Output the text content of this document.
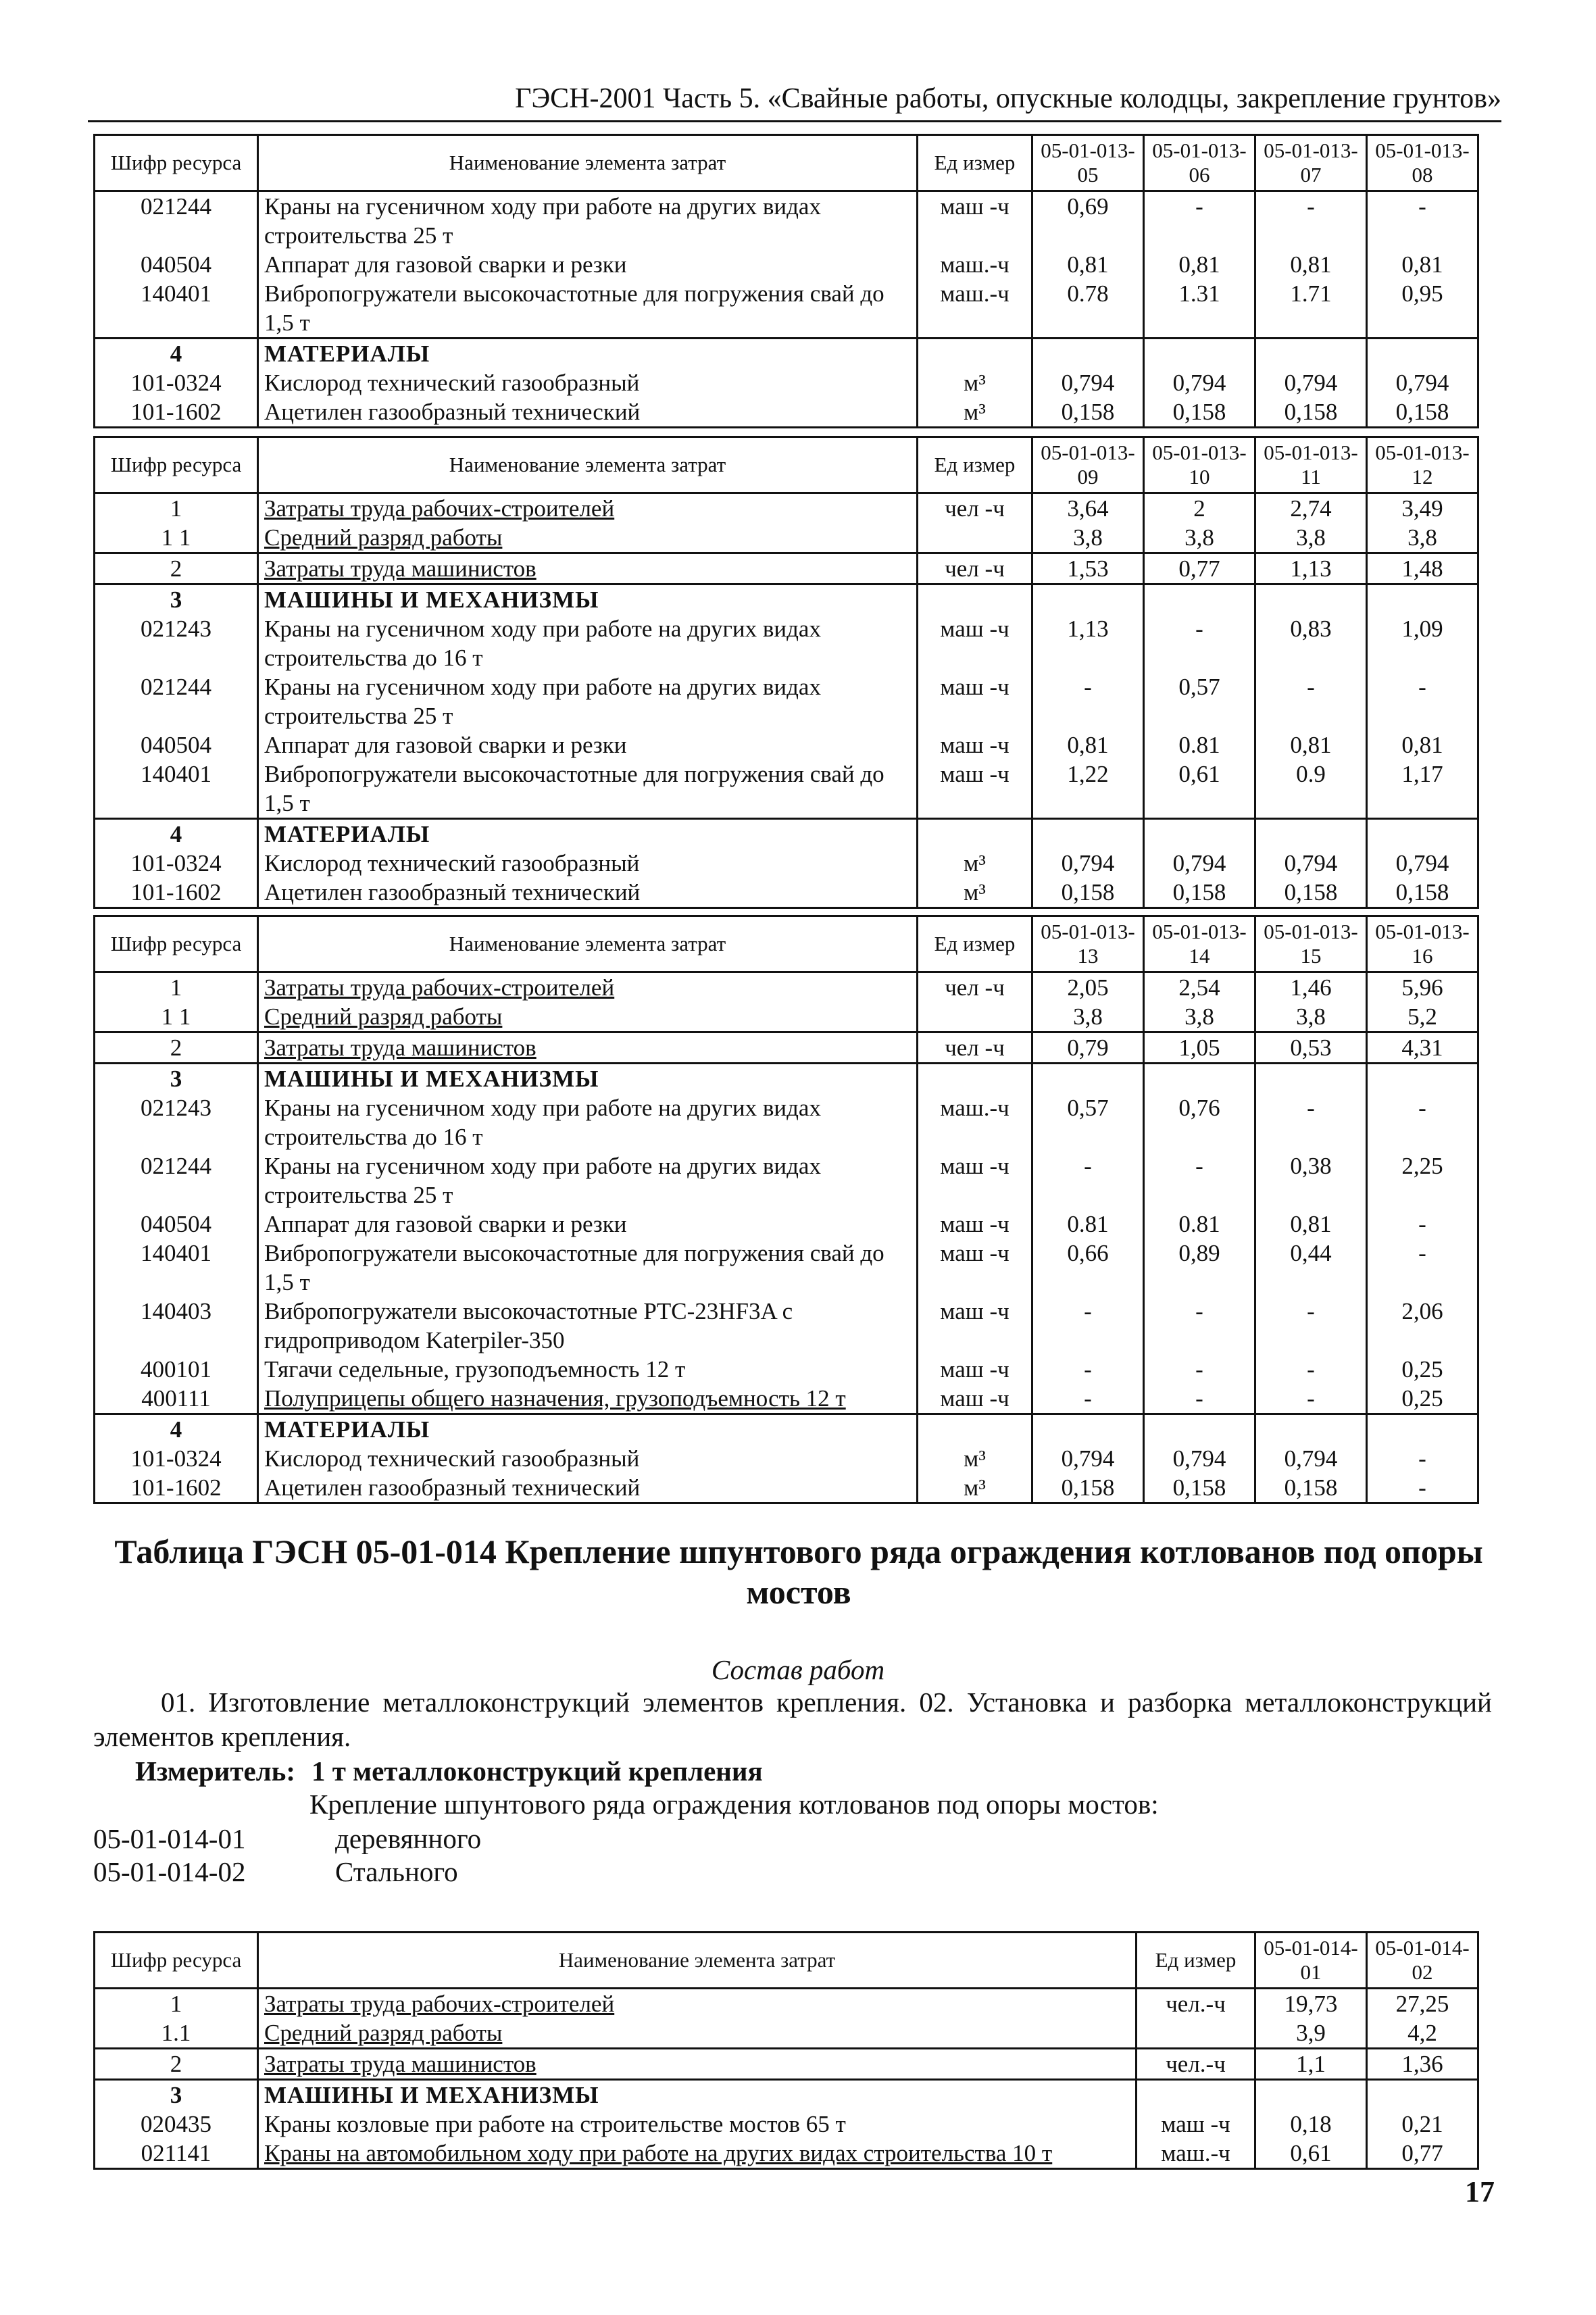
ГЭСН-2001 Часть 5. «Свайные работы, опускные колодцы, закрепление грунтов»
Шифр ресурса	Наименование элемента затрат	Ед измер	05-01-013-05	05-01-013-06	05-01-013-07	05-01-013-08
021244	Краны на гусеничном ходу при работе на других видах строительства 25 т	маш -ч	0,69	-	-	-
040504	Аппарат для газовой сварки и резки	маш.-ч	0,81	0,81	0,81	0,81
140401	Вибропогружатели высокочастотные для погружения свай до 1,5 т	маш.-ч	0.78	1.31	1.71	0,95
4	МАТЕРИАЛЫ					
101-0324	Кислород технический газообразный	м³	0,794	0,794	0,794	0,794
101-1602	Ацетилен газообразный технический	м³	0,158	0,158	0,158	0,158
Шифр ресурса	Наименование элемента затрат	Ед измер	05-01-013-09	05-01-013-10	05-01-013-11	05-01-013-12
1	Затраты труда рабочих-строителей	чел -ч	3,64	2	2,74	3,49
1 1	Средний разряд работы		3,8	3,8	3,8	3,8
2	Затраты труда машинистов	чел -ч	1,53	0,77	1,13	1,48
3	МАШИНЫ И МЕХАНИЗМЫ					
021243	Краны на гусеничном ходу при работе на других видах строительства до 16 т	маш -ч	1,13	-	0,83	1,09
021244	Краны на гусеничном ходу при работе на других видах строительства 25 т	маш -ч	-	0,57	-	-
040504	Аппарат для газовой сварки и резки	маш -ч	0,81	0.81	0,81	0,81
140401	Вибропогружатели высокочастотные для погружения свай до 1,5 т	маш -ч	1,22	0,61	0.9	1,17
4	МАТЕРИАЛЫ					
101-0324	Кислород технический газообразный	м³	0,794	0,794	0,794	0,794
101-1602	Ацетилен газообразный технический	м³	0,158	0,158	0,158	0,158
Шифр ресурса	Наименование элемента затрат	Ед измер	05-01-013-13	05-01-013-14	05-01-013-15	05-01-013-16
1	Затраты труда рабочих-строителей	чел -ч	2,05	2,54	1,46	5,96
1 1	Средний разряд работы		3,8	3,8	3,8	5,2
2	Затраты труда машинистов	чел -ч	0,79	1,05	0,53	4,31
3	МАШИНЫ И МЕХАНИЗМЫ					
021243	Краны на гусеничном ходу при работе на других видах строительства до 16 т	маш.-ч	0,57	0,76	-	-
021244	Краны на гусеничном ходу при работе на других видах строительства 25 т	маш -ч	-	-	0,38	2,25
040504	Аппарат для газовой сварки и резки	маш -ч	0.81	0.81	0,81	-
140401	Вибропогружатели высокочастотные для погружения свай до 1,5 т	маш -ч	0,66	0,89	0,44	-
140403	Вибропогружатели высокочастотные PTC-23HF3A с гидроприводом Katerpiler-350	маш -ч	-	-	-	2,06
400101	Тягачи седельные, грузоподъемность 12 т	маш -ч	-	-	-	0,25
400111	Полуприцепы общего назначения, грузоподъемность 12 т	маш -ч	-	-	-	0,25
4	МАТЕРИАЛЫ					
101-0324	Кислород технический газообразный	м³	0,794	0,794	0,794	-
101-1602	Ацетилен газообразный технический	м³	0,158	0,158	0,158	-
Таблица ГЭСН 05-01-014 Крепление шпунтового ряда ограждения котлованов под опоры
мостов
Состав работ
01. Изготовление металлоконструкций элементов крепления. 02. Установка и разборка металлоконструкций элементов крепления.
Измеритель: 1 т металлоконструкций крепления
Крепление шпунтового ряда ограждения котлованов под опоры мостов:
05-01-014-01	деревянного
05-01-014-02	Стального
Шифр ресурса	Наименование элемента затрат	Ед измер	05-01-014-01	05-01-014-02
1	Затраты труда рабочих-строителей	чел.-ч	19,73	27,25
1.1	Средний разряд работы		3,9	4,2
2	Затраты труда машинистов	чел.-ч	1,1	1,36
3	МАШИНЫ И МЕХАНИЗМЫ			
020435	Краны козловые при работе на строительстве мостов 65 т	маш -ч	0,18	0,21
021141	Краны на автомобильном ходу при работе на других видах строительства 10 т	маш.-ч	0,61	0,77
17
